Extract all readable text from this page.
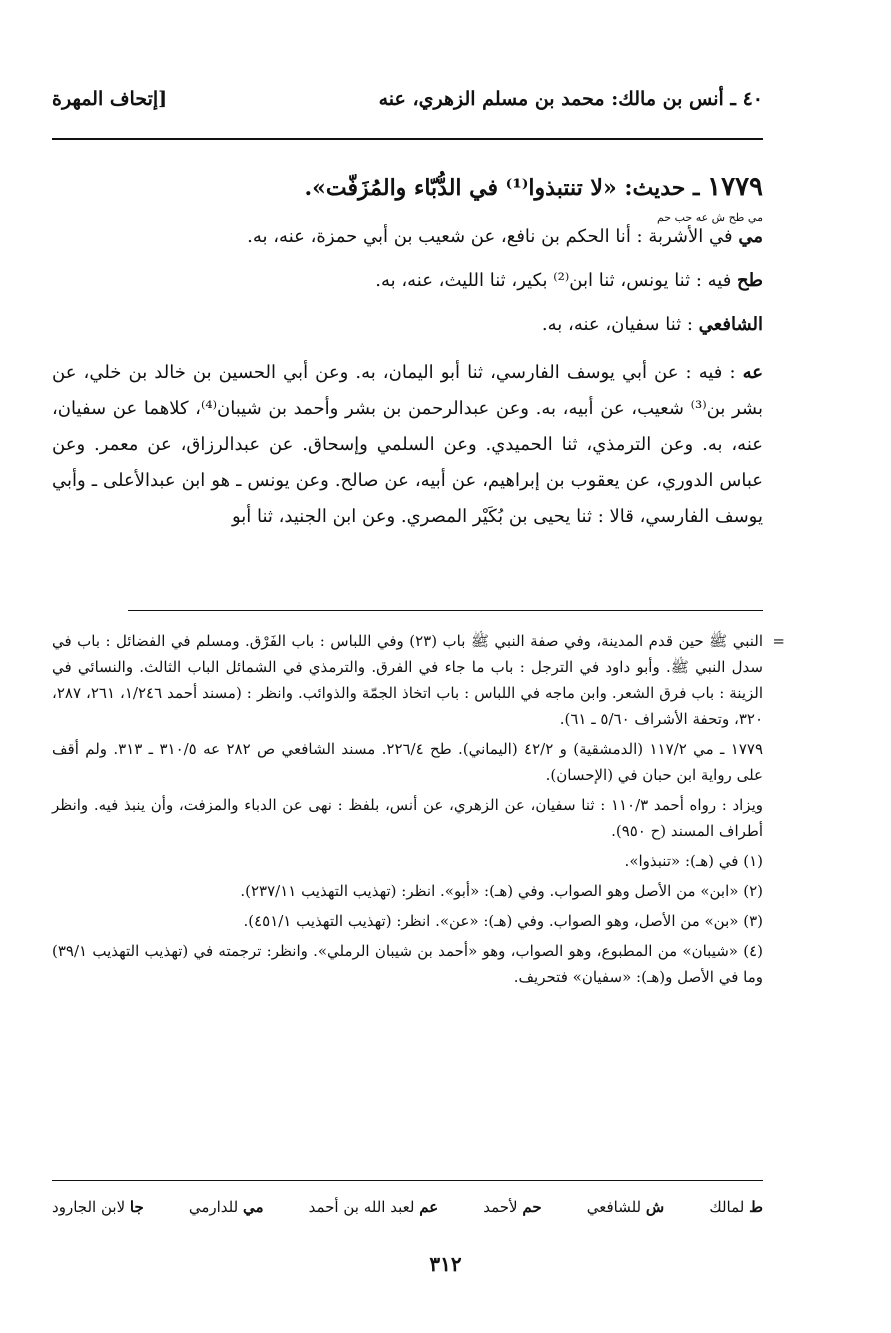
٤٠ ـ أنس بن مالك: محمد بن مسلم الزهري، عنه
[إتحاف المهرة
١٧٧٩ ـ حديث: «لا تنتبذوا⁽¹⁾ في الدُّبّاء والمُزَفّت».
مي طح ش عه حب حم
مي في الأشربة : أنا الحكم بن نافع، عن شعيب بن أبي حمزة، عنه، به.
طح فيه : ثنا يونس، ثنا ابن⁽²⁾ بكير، ثنا الليث، عنه، به.
الشافعي : ثنا سفيان، عنه، به.
عه : فيه : عن أبي يوسف الفارسي، ثنا أبو اليمان، به. وعن أبي الحسين بن خالد بن خلي، عن بشر بن⁽³⁾ شعيب، عن أبيه، به. وعن عبدالرحمن بن بشر وأحمد بن شيبان⁽⁴⁾، كلاهما عن سفيان، عنه، به. وعن الترمذي، ثنا الحميدي. وعن السلمي وإسحاق. عن عبدالرزاق، عن معمر. وعن عباس الدوري، عن يعقوب بن إبراهيم، عن أبيه، عن صالح. وعن يونس ـ هو ابن عبدالأعلى ـ وأبي يوسف الفارسي، قالا : ثنا يحيى بن بُكَيْر المصري. وعن ابن الجنيد، ثنا أبو
=

النبي ﷺ حين قدم المدينة، وفي صفة النبي ﷺ باب (٢٣) وفي اللباس : باب الفَرْق. ومسلم في الفضائل : باب في سدل النبي ﷺ. وأبو داود في الترجل : باب ما جاء في الفرق. والترمذي في الشمائل الباب الثالث. والنسائي في الزينة : باب فرق الشعر. وابن ماجه في اللباس : باب اتخاذ الجمّة والذوائب. وانظر : (مسند أحمد ١/٢٤٦، ٢٦١، ٢٨٧، ٣٢٠، وتحفة الأشراف ٥/٦٠ ـ ٦١).

١٧٧٩ ـ مي ١١٧/٢ (الدمشقية) و ٤٢/٢ (اليماني). طح ٢٢٦/٤. مسند الشافعي ص ٢٨٢ عه ٣١٠/٥ ـ ٣١٣. ولم أقف على رواية ابن حبان في (الإحسان).

ويزاد : رواه أحمد ١١٠/٣ : ثنا سفيان، عن الزهري، عن أنس، بلفظ : نهى عن الدباء والمزفت، وأن ينبذ فيه. وانظر أطراف المسند (ح ٩٥٠).

(١) في (هـ): «تنبذوا».

(٢) «ابن» من الأصل وهو الصواب. وفي (هـ): «أبو». انظر: (تهذيب التهذيب ٢٣٧/١١).

(٣) «بن» من الأصل، وهو الصواب. وفي (هـ): «عن». انظر: (تهذيب التهذيب ٤٥١/١).

(٤) «شيبان» من المطبوع، وهو الصواب، وهو «أحمد بن شيبان الرملي». وانظر: ترجمته في (تهذيب التهذيب ٣٩/١) وما في الأصل و(هـ): «سفيان» فتحريف.

ط لمالك
ش للشافعي
حم لأحمد
عم لعبد الله بن أحمد
مي للدارمي
جا لابن الجارود
٣١٢
